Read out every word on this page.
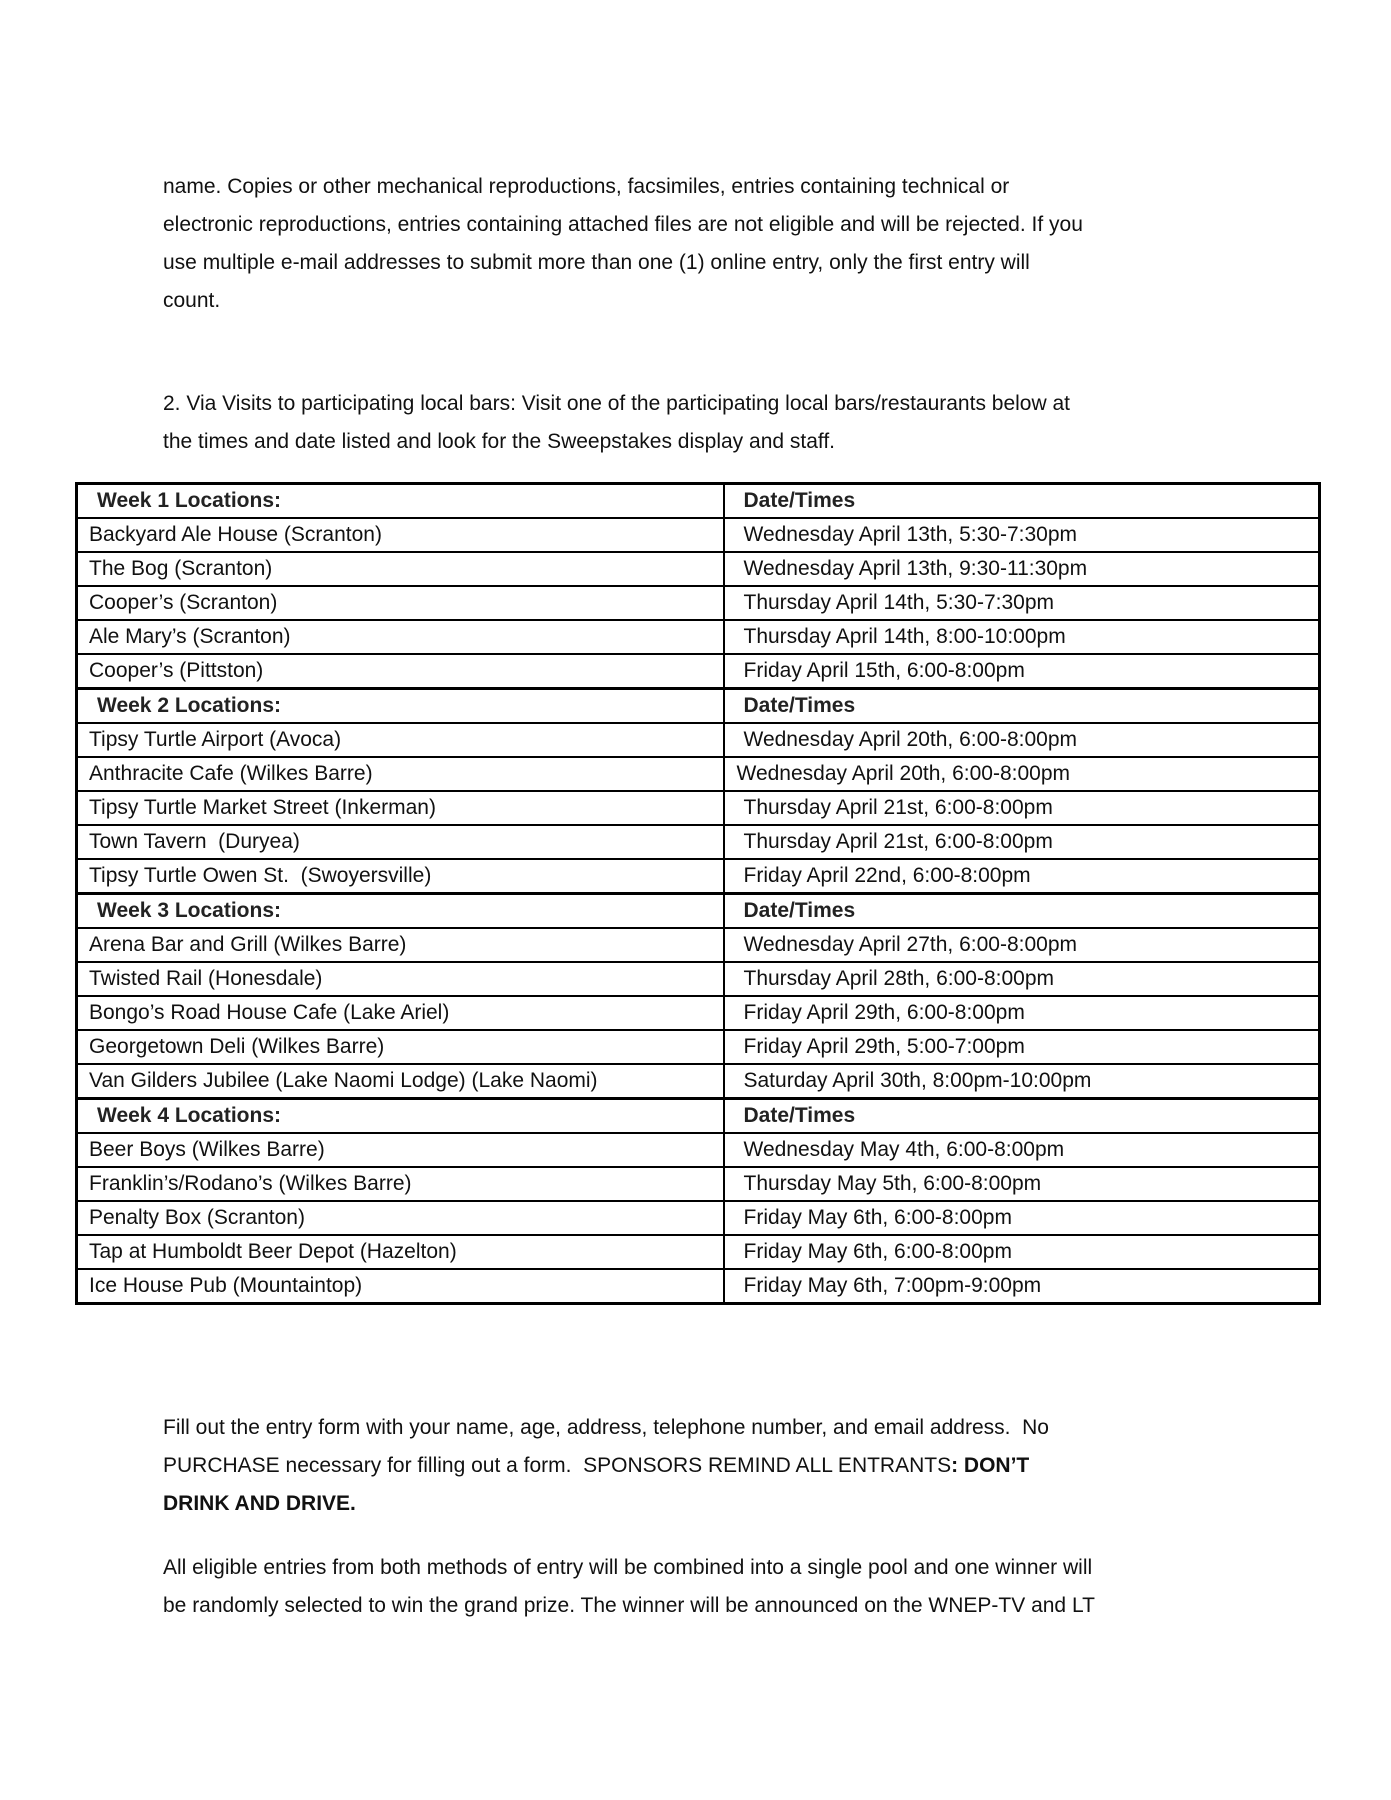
name. Copies or other mechanical reproductions, facsimiles, entries containing technical or
electronic reproductions, entries containing attached files are not eligible and will be rejected. If you
use multiple e-mail addresses to submit more than one (1) online entry, only the first entry will
count.

2. Via Visits to participating local bars: Visit one of the participating local bars/restaurants below at
the times and date listed and look for the Sweepstakes display and staff.

Week 1 Locations:	Date/Times
Backyard Ale House (Scranton)	Wednesday April 13th, 5:30-7:30pm
The Bog (Scranton)	Wednesday April 13th, 9:30-11:30pm
Cooper’s (Scranton)	Thursday April 14th, 5:30-7:30pm
Ale Mary’s (Scranton)	Thursday April 14th, 8:00-10:00pm
Cooper’s (Pittston)	Friday April 15th, 6:00-8:00pm
Week 2 Locations:	Date/Times
Tipsy Turtle Airport (Avoca)	Wednesday April 20th, 6:00-8:00pm
Anthracite Cafe (Wilkes Barre)	Wednesday April 20th, 6:00-8:00pm
Tipsy Turtle Market Street (Inkerman)	Thursday April 21st, 6:00-8:00pm
Town Tavern  (Duryea)	Thursday April 21st, 6:00-8:00pm
Tipsy Turtle Owen St.  (Swoyersville)	Friday April 22nd, 6:00-8:00pm
Week 3 Locations:	Date/Times
Arena Bar and Grill (Wilkes Barre)	Wednesday April 27th, 6:00-8:00pm
Twisted Rail (Honesdale)	Thursday April 28th, 6:00-8:00pm
Bongo’s Road House Cafe (Lake Ariel)	Friday April 29th, 6:00-8:00pm
Georgetown Deli (Wilkes Barre)	Friday April 29th, 5:00-7:00pm
Van Gilders Jubilee (Lake Naomi Lodge) (Lake Naomi)	Saturday April 30th, 8:00pm-10:00pm
Week 4 Locations:	Date/Times
Beer Boys (Wilkes Barre)	Wednesday May 4th, 6:00-8:00pm
Franklin’s/Rodano’s (Wilkes Barre)	Thursday May 5th, 6:00-8:00pm
Penalty Box (Scranton)	Friday May 6th, 6:00-8:00pm
Tap at Humboldt Beer Depot (Hazelton)	Friday May 6th, 6:00-8:00pm
Ice House Pub (Mountaintop)	Friday May 6th, 7:00pm-9:00pm

Fill out the entry form with your name, age, address, telephone number, and email address.  No
PURCHASE necessary for filling out a form.  SPONSORS REMIND ALL ENTRANTS: DON’T
DRINK AND DRIVE.

All eligible entries from both methods of entry will be combined into a single pool and one winner will
be randomly selected to win the grand prize. The winner will be announced on the WNEP-TV and LT
